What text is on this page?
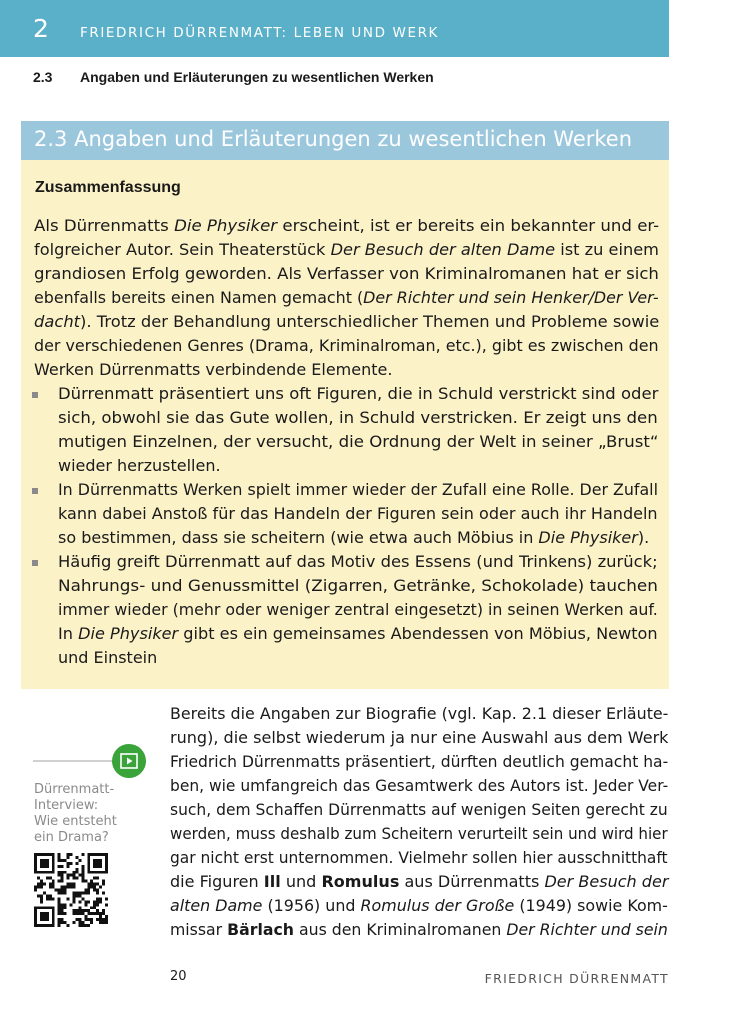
2 FRIEDRICH DÜRRENMATT: LEBEN UND WERK
2.3 Angaben und Erläuterungen zu wesentlichen Werken
2.3 Angaben und Erläuterungen zu wesentlichen Werken
Zusammenfassung
Als Dürrenmatts Die Physiker erscheint, ist er bereits ein bekannter und er-
folgreicher Autor. Sein Theaterstück Der Besuch der alten Dame ist zu einem
grandiosen Erfolg geworden. Als Verfasser von Kriminalromanen hat er sich
ebenfalls bereits einen Namen gemacht (Der Richter und sein Henker/Der Ver-
dacht). Trotz der Behandlung unterschiedlicher Themen und Probleme sowie
der verschiedenen Genres (Drama, Kriminalroman, etc.), gibt es zwischen den
Werken Dürrenmatts verbindende Elemente.
Dürrenmatt präsentiert uns oft Figuren, die in Schuld verstrickt sind oder
sich, obwohl sie das Gute wollen, in Schuld verstricken. Er zeigt uns den
mutigen Einzelnen, der versucht, die Ordnung der Welt in seiner „Brust“
wieder herzustellen.
In Dürrenmatts Werken spielt immer wieder der Zufall eine Rolle. Der Zufall
kann dabei Anstoß für das Handeln der Figuren sein oder auch ihr Handeln
so bestimmen, dass sie scheitern (wie etwa auch Möbius in Die Physiker).
Häufig greift Dürrenmatt auf das Motiv des Essens (und Trinkens) zurück;
Nahrungs- und Genussmittel (Zigarren, Getränke, Schokolade) tauchen
immer wieder (mehr oder weniger zentral eingesetzt) in seinen Werken auf.
In Die Physiker gibt es ein gemeinsames Abendessen von Möbius, Newton
und Einstein
Dürrenmatt-
Interview:
Wie entsteht
ein Drama?
Bereits die Angaben zur Biografie (vgl. Kap. 2.1 dieser Erläute-
rung), die selbst wiederum ja nur eine Auswahl aus dem Werk
Friedrich Dürrenmatts präsentiert, dürften deutlich gemacht ha-
ben, wie umfangreich das Gesamtwerk des Autors ist. Jeder Ver-
such, dem Schaffen Dürrenmatts auf wenigen Seiten gerecht zu
werden, muss deshalb zum Scheitern verurteilt sein und wird hier
gar nicht erst unternommen. Vielmehr sollen hier ausschnitthaft
die Figuren Ill und Romulus aus Dürrenmatts Der Besuch der
alten Dame (1956) und Romulus der Große (1949) sowie Kom-
missar Bärlach aus den Kriminalromanen Der Richter und sein
20	FRIEDRICH DÜRRENMATT
